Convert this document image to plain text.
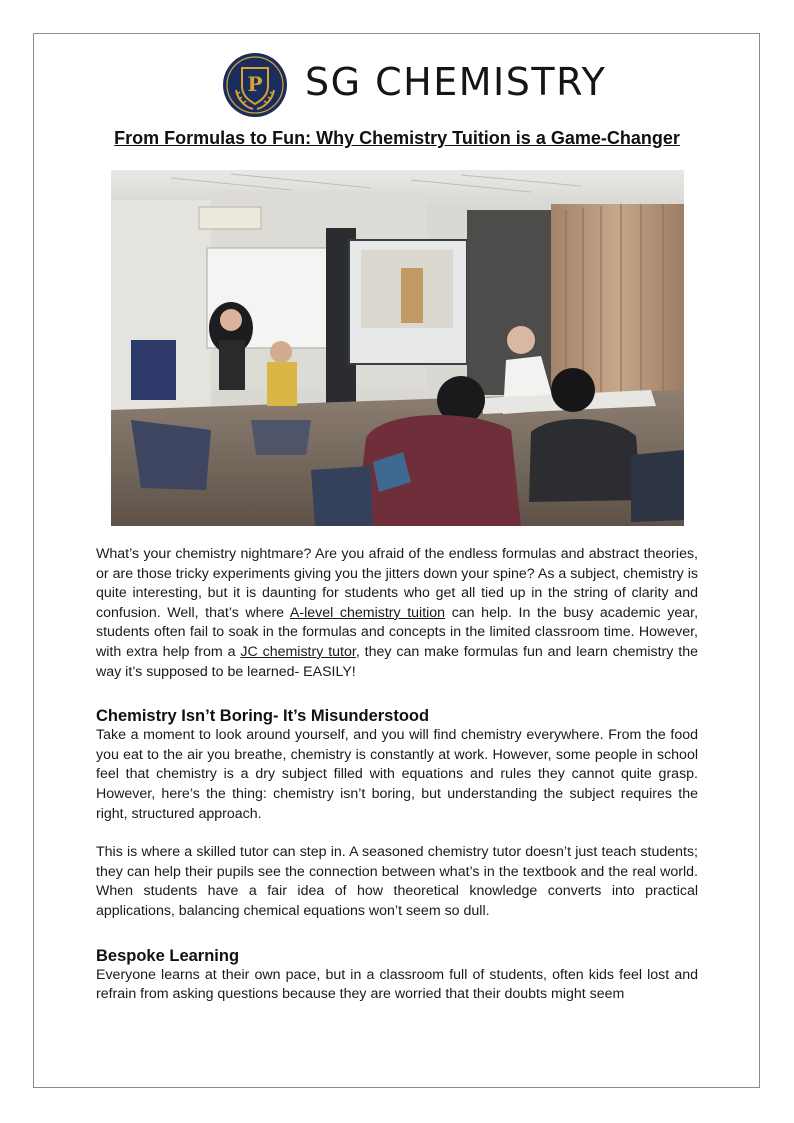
P SG CHEMISTRY
From Formulas to Fun: Why Chemistry Tuition is a Game-Changer

What’s your chemistry nightmare? Are you afraid of the endless formulas and abstract theories, or are those tricky experiments giving you the jitters down your spine? As a subject, chemistry is quite interesting, but it is daunting for students who get all tied up in the string of clarity and confusion. Well, that’s where A-level chemistry tuition can help. In the busy academic year, students often fail to soak in the formulas and concepts in the limited classroom time. However, with extra help from a JC chemistry tutor, they can make formulas fun and learn chemistry the way it’s supposed to be learned- EASILY!

Chemistry Isn’t Boring- It’s Misunderstood

Take a moment to look around yourself, and you will find chemistry everywhere. From the food you eat to the air you breathe, chemistry is constantly at work. However, some people in school feel that chemistry is a dry subject filled with equations and rules they cannot quite grasp. However, here’s the thing: chemistry isn’t boring, but understanding the subject requires the right, structured approach.

This is where a skilled tutor can step in. A seasoned chemistry tutor doesn’t just teach students; they can help their pupils see the connection between what’s in the textbook and the real world. When students have a fair idea of how theoretical knowledge converts into practical applications, balancing chemical equations won’t seem so dull.

Bespoke Learning

Everyone learns at their own pace, but in a classroom full of students, often kids feel lost and refrain from asking questions because they are worried that their doubts might seem
